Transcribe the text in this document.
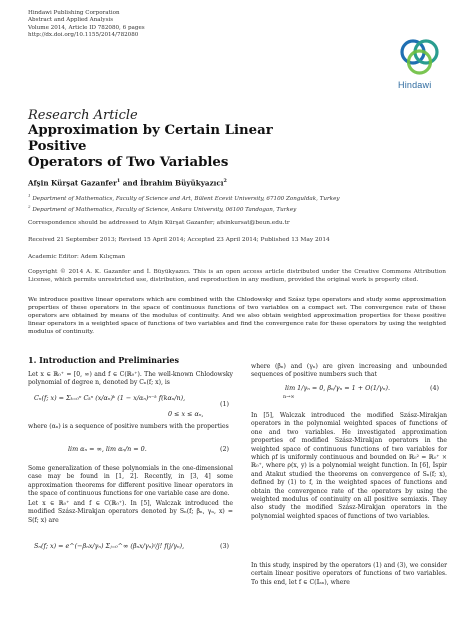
Hindawi Publishing Corporation
Abstract and Applied Analysis
Volume 2014, Article ID 782080, 6 pages
http://dx.doi.org/10.1155/2014/782080
Hindawi
Research Article
Approximation by Certain Linear Positive
Operators of Two Variables
Afşin Kürşat Gazanfer$^1$ and İbrahim Büyükyazıcı$^2$
$^1$ Department of Mathematics, Faculty of Science and Art, Bülent Ecevit University, 67100 Zonguldak, Turkey
$^2$ Department of Mathematics, Faculty of Science, Ankara University, 06100 Tandogan, Turkey
Correspondence should be addressed to Afşin Kürşat Gazanfer; afsinkursat@beun.edu.tr
Received 21 September 2013; Revised 15 April 2014; Accepted 23 April 2014; Published 13 May 2014
Academic Editor: Adem Kılıçman
Copyright © 2014 A. K. Gazanfer and İ. Büyükyazıcı. This is an open access article distributed under the Creative Commons Attribution License, which permits unrestricted use, distribution, and reproduction in any medium, provided the original work is properly cited.
We introduce positive linear operators which are combined with the Chlodowsky and Szász type operators and study some approximation properties of these operators in the space of continuous functions of two variables on a compact set. The convergence rate of these operators are obtained by means of the modulus of continuity. And we also obtain weighted approximation properties for these positive linear operators in a weighted space of functions of two variables and find the convergence rate for these operators by using the weighted modulus of continuity.
1. Introduction and Preliminaries
Let x ∈ ℝ₀⁺ = [0, ∞) and f ∈ C(ℝ₀⁺). The well-known Chlodowsky polynomial of degree n, denoted by Cₙ(f; x), is
Cₙ(f; x) = Σₖ₌₀ⁿ Cₖⁿ (x/αₙ)ᵏ (1 − x/αₙ)ⁿ⁻ᵏ f(kαₙ/n),
0 ≤ x ≤ αₙ,
(1)
where (αₙ) is a sequence of positive numbers with the properties
lim αₙ = ∞, lim αₙ/n = 0.	(2)
Some generalization of these polynomials in the one-dimensional case may be found in [1, 2]. Recently, in [3, 4] some approximation theorems for different positive linear operators in the space of continuous functions for one variable case are done.
Let x ∈ ℝ₀⁺ and f ∈ C(ℝ₀⁺). In [5], Walczak introduced the modified Szász-Mirakjan operators denoted by Sₙ(f; βₙ, γₙ, x) = S(f; x) are
Sₙ(f; x) = e^(−βₙx/γₙ) Σⱼ₌₀^∞ (βₙx/γₙ)ʲ/j! f(j/γₙ),	(3)
where (βₙ) and (γₙ) are given increasing and unbounded sequences of positive numbers such that
lim 1/γₙ = 0, βₙ/γₙ = 1 + O(1/γₙ).
n→∞
(4)
In [5], Walczak introduced the modified Szász-Mirakjan operators in the polynomial weighted spaces of functions of one and two variables. He investigated approximation properties of modified Szász-Mirakjan operators in the weighted space of continuous functions of two variables for which ρf is uniformly continuous and bounded on ℝ₀² = ℝ₀⁺ × ℝ₀⁺, where ρ(x, y) is a polynomial weight function. In [6], İspir and Atakut studied the theorems on convergence of Sₙ(f; x), defined by (1) to f, in the weighted spaces of functions and obtain the convergence rate of the operators by using the weighted modulus of continuity on all positive semiaxis. They also study the modified Szász-Mirakjan operators in the polynomial weighted spaces of functions of two variables.
In this study, inspired by the operators (1) and (3), we consider certain linear positive operators of functions of two variables. To this end, let f ∈ C(𝕀ₐₙ), where
